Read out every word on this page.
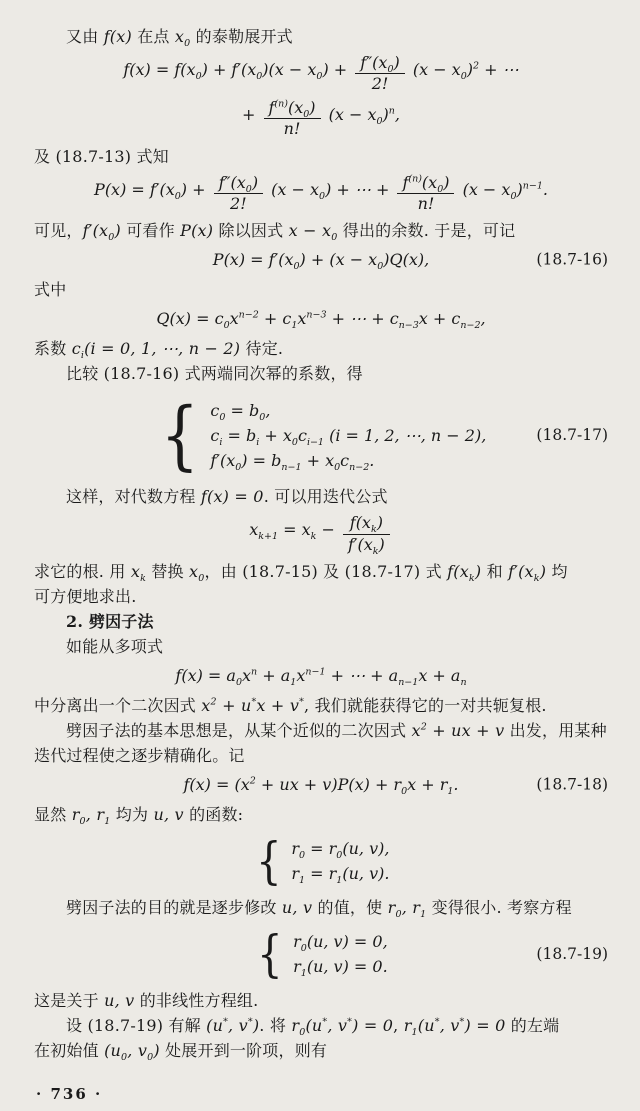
又由 f(x) 在点 $x_0$ 的泰勒展开式

$f(x) = f(x_0) + f'(x_0)(x - x_0) + \frac{f''(x_0)}{2!} (x - x_0)^2$ + ⋯
+ $\frac{f^{(n)}(x_0)}{n!} (x - x_0)^n$,

及 (18.7-13) 式知

$P(x) = f'(x_0) + \frac{f''(x_0)}{2!} (x - x_0)$ + ⋯ + $\frac{f^{(n)}(x_0)}{n!} (x - x_0)^{n-1}$.

可见，$f'(x_0)$ 可看作 P(x) 除以因式 $x - x_0$ 得出的余数. 于是，可记

$P(x) = f'(x_0) + (x - x_0)Q(x)$,	(18.7-16)

式中

$Q(x) = c_0x^{n-2} + c_1x^{n-3}$ + ⋯ + $c_{n-3}x + c_{n-2}$,

系数 $c_i(i = 0$, 1, ⋯, n − 2) 待定.

比较 (18.7-16) 式两端同次幂的系数，得

{ $c_0 = b_0$,
$c_i = b_i + x_0c_{i-1}$ (i = 1, 2, ⋯, n − 2),
$f'(x_0) = b_{n-1} + x_0c_{n-2}$.
(18.7-17)

这样，对代数方程 f(x) = 0. 可以用迭代公式

$x_{k+1} = x_k - \frac{f(x_k)}{f'(x_k)}$

求它的根. 用 $x_k$ 替换 $x_0$，由 (18.7-15) 及 (18.7-17) 式 $f(x_k)$ 和 $f'(x_k)$ 均

可方便地求出.

2. 劈因子法

如能从多项式

$f(x) = a_0x^n + a_1x^{n-1}$ + ⋯ + $a_{n-1}x + a_n$

中分离出一个二次因式 $x^2 + u^*x + v^*$, 我们就能获得它的一对共轭复根.

劈因子法的基本思想是，从某个近似的二次因式 $x^2$ + ux + v 出发，用某种

迭代过程使之逐步精确化。记

$f(x) = (x^2$ + ux + $v)P(x) + r_0x + r_1$.	(18.7-18)

显然 $r_0$, $r_1$ 均为 u, v 的函数:

{ $r_0 = r_0(u$, v),
$r_1 = r_1(u$, v).

劈因子法的目的就是逐步修改 u, v 的值，使 $r_0$, $r_1$ 变得很小. 考察方程

{ $r_0(u$, v) = 0,
$r_1(u$, v) = 0.
(18.7-19)

这是关于 u, v 的非线性方程组.

设 (18.7-19) 有解 (u*, v*). 将 $r_0(u^*$, v*) = 0, $r_1(u^*$, v*) = 0 的左端

在初始值 ($u_0$, $v_0$) 处展开到一阶项，则有

· 736 ·
